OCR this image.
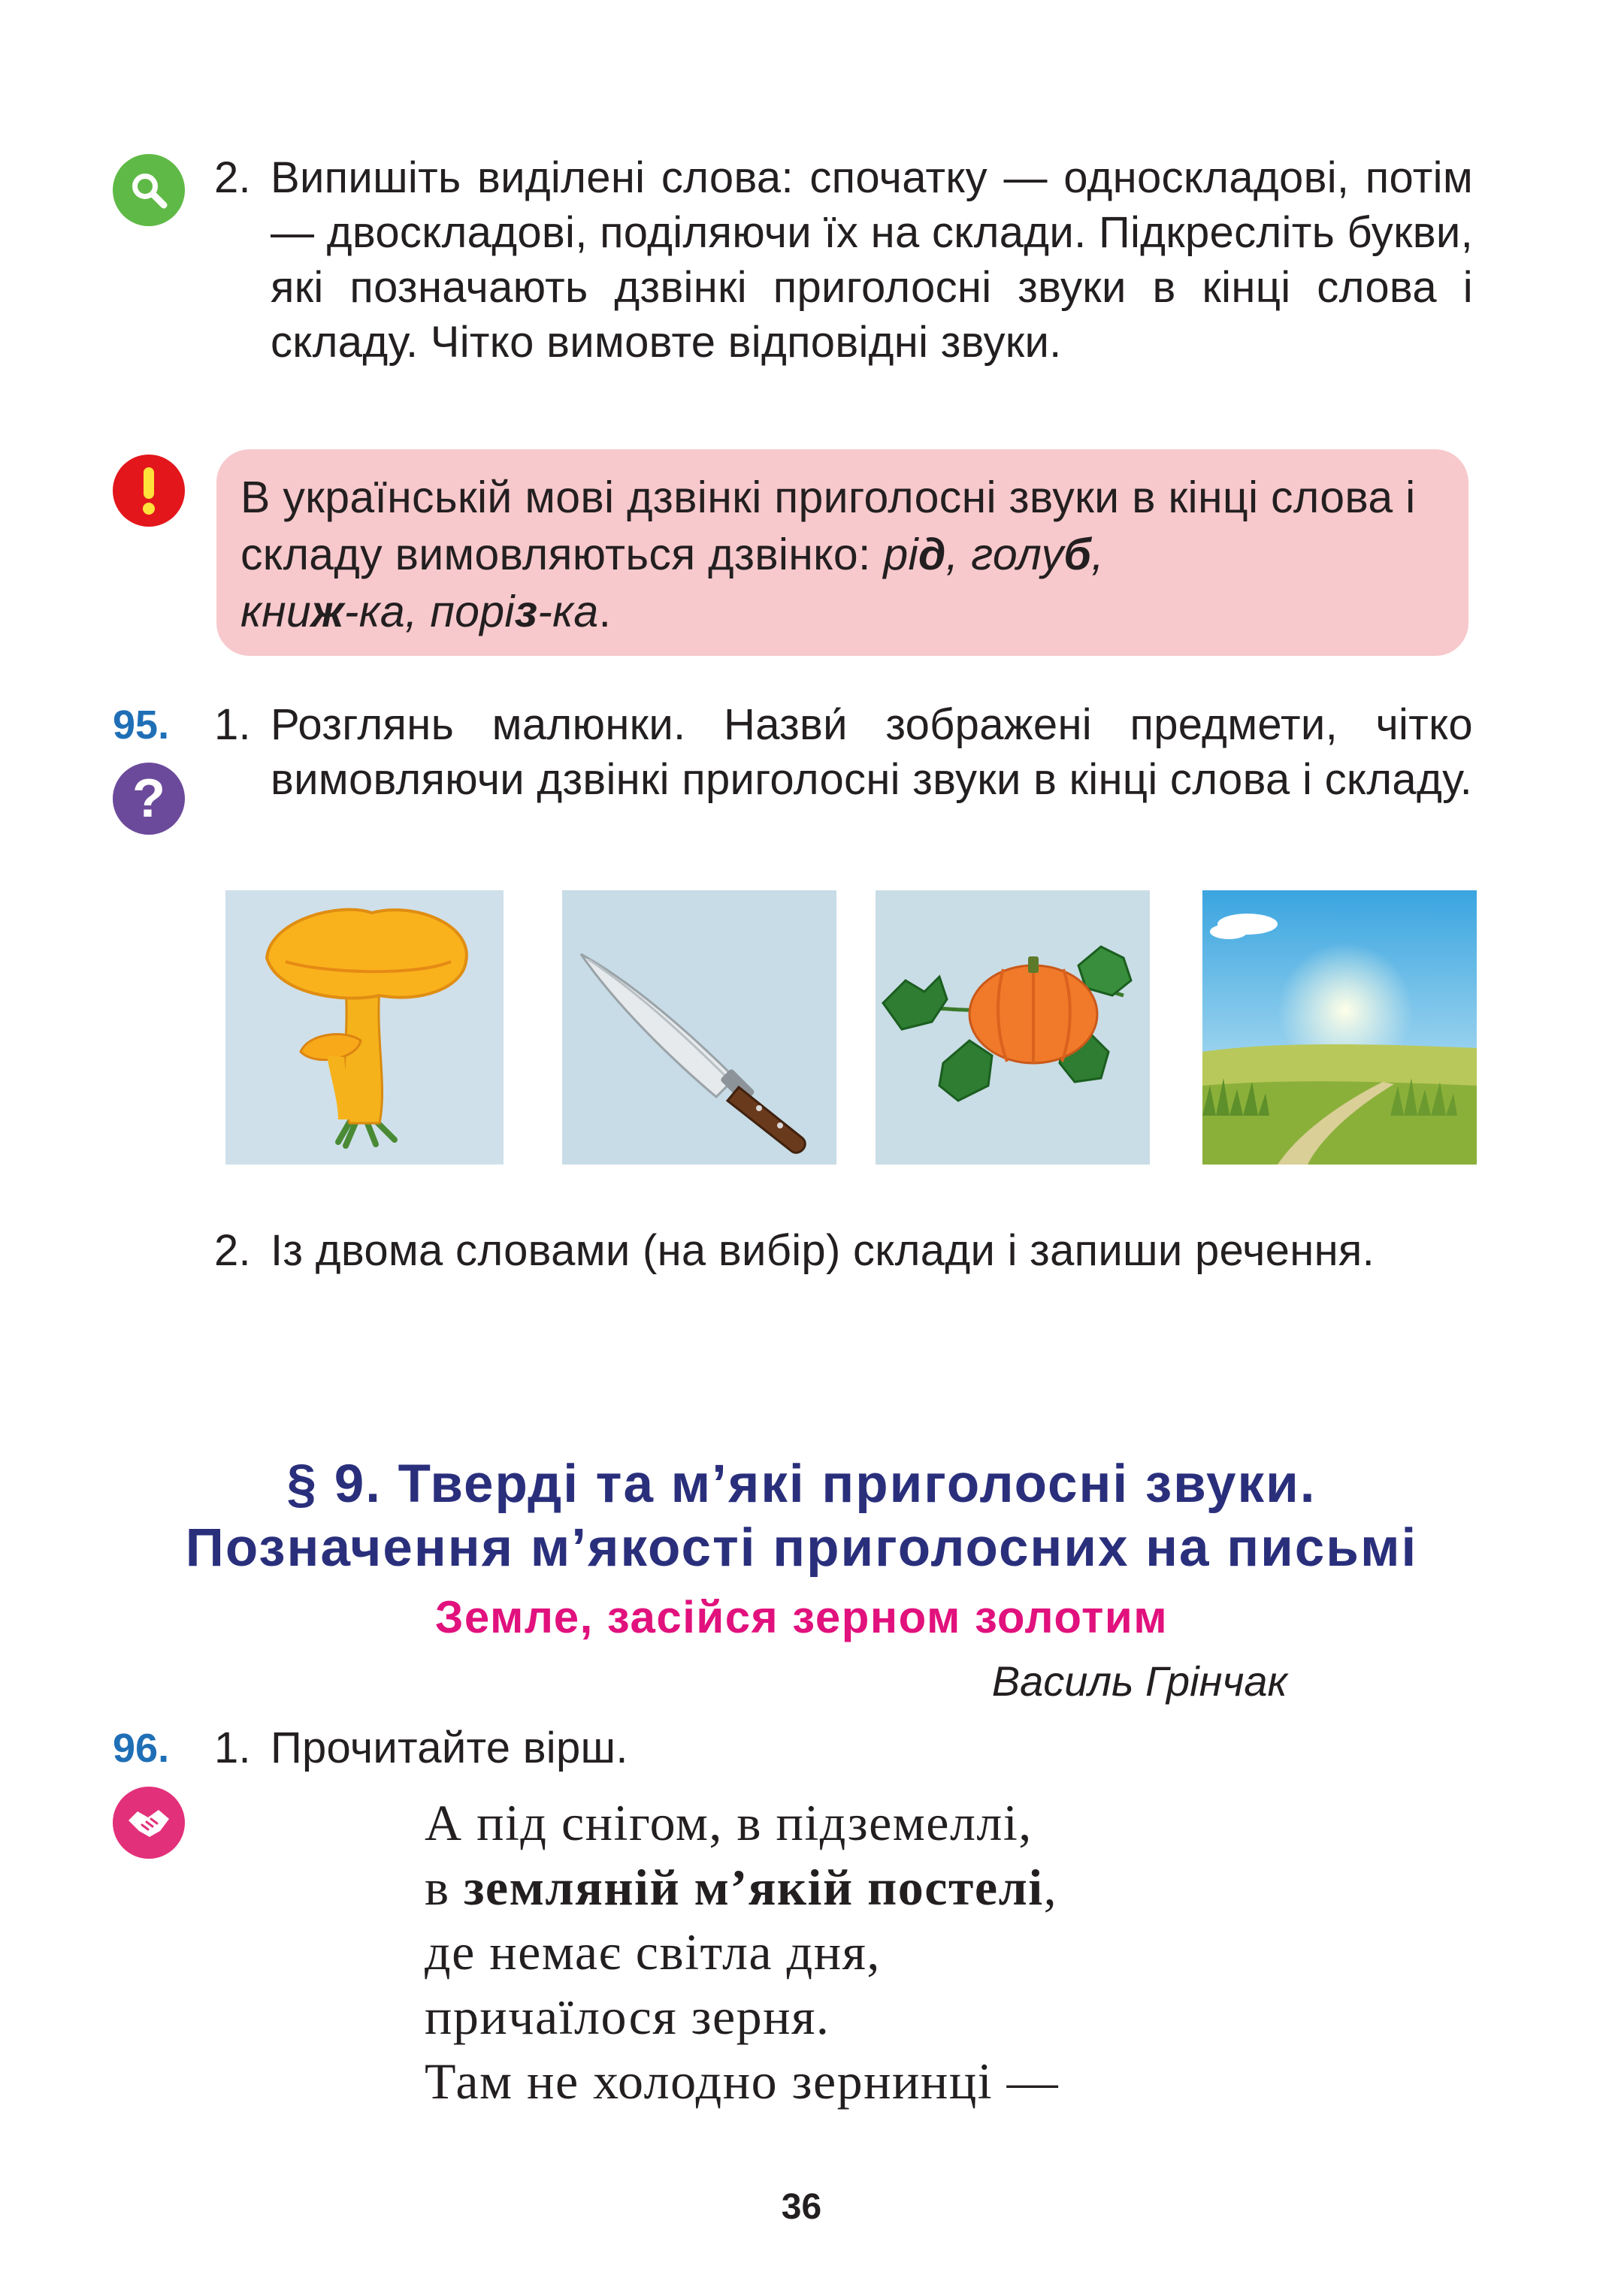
2. Випишіть виділені слова: спочатку — односкладові, потім — двоскладові, поділяючи їх на склади. Підкресліть букви, які позначають дзвінкі приголосні звуки в кінці слова і складу. Чітко вимовте відповідні звуки.
В українській мові дзвінкі приголосні звуки в кінці слова і складу вимовляються дзвінко: рід, голуб,
книж-ка, поріз-ка.
95.
?
1. Розглянь малюнки. Назви́ зображені предмети, чітко вимовляючи дзвінкі приголосні звуки в кінці слова і складу.
2. Із двома словами (на вибір) склади і запиши речення.
§ 9. Тверді та м’які приголосні звуки.
Позначення м’якості приголосних на письмі
Земле, засійся зерном золотим
Василь Грінчак
96. 1. Прочитайте вірш.
А під снігом, в підземеллі,
в земляній м’якій постелі,
де немає світла дня,
причаїлося зерня.
Там не холодно зернинці —
36
